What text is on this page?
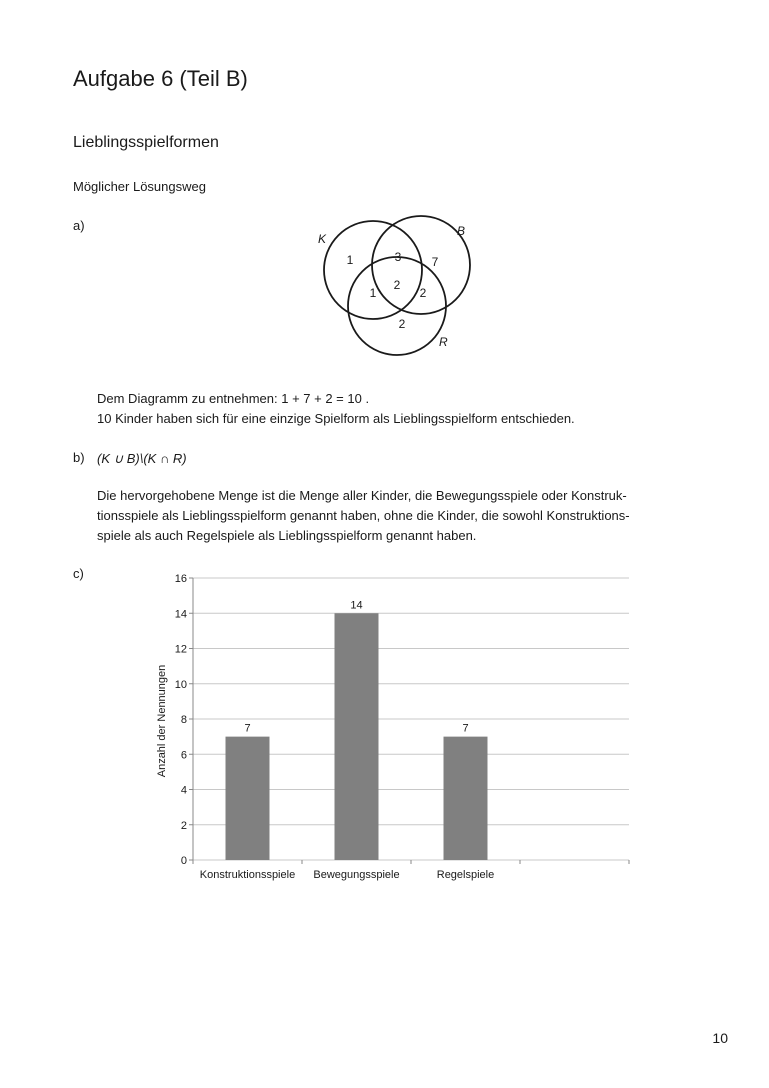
Aufgabe 6 (Teil B)
Lieblingsspielformen
Möglicher Lösungsweg
a)
K
B
R
1	3	7
1
2
2
2

Dem Diagramm zu entnehmen: 1 + 7 + 2 = 10 .

10 Kinder haben sich für eine einzige Spielform als Lieblingsspielform entschieden.

b) (K ∪ B)\(K ∩ R)

Die hervorgehobene Menge ist die Menge aller Kinder, die Bewegungsspiele oder Konstruk-

tionsspiele als Lieblingsspielform genannt haben, ohne die Kinder, die sowohl Konstruktions-

spiele als auch Regelspiele als Lieblingsspielform genannt haben.

c)
Anzahl der Nennungen
0
2
4
6
8
10
12
14
16
7
Konstruktionsspiele
14
Bewegungsspiele
7
Regelspiele
10
